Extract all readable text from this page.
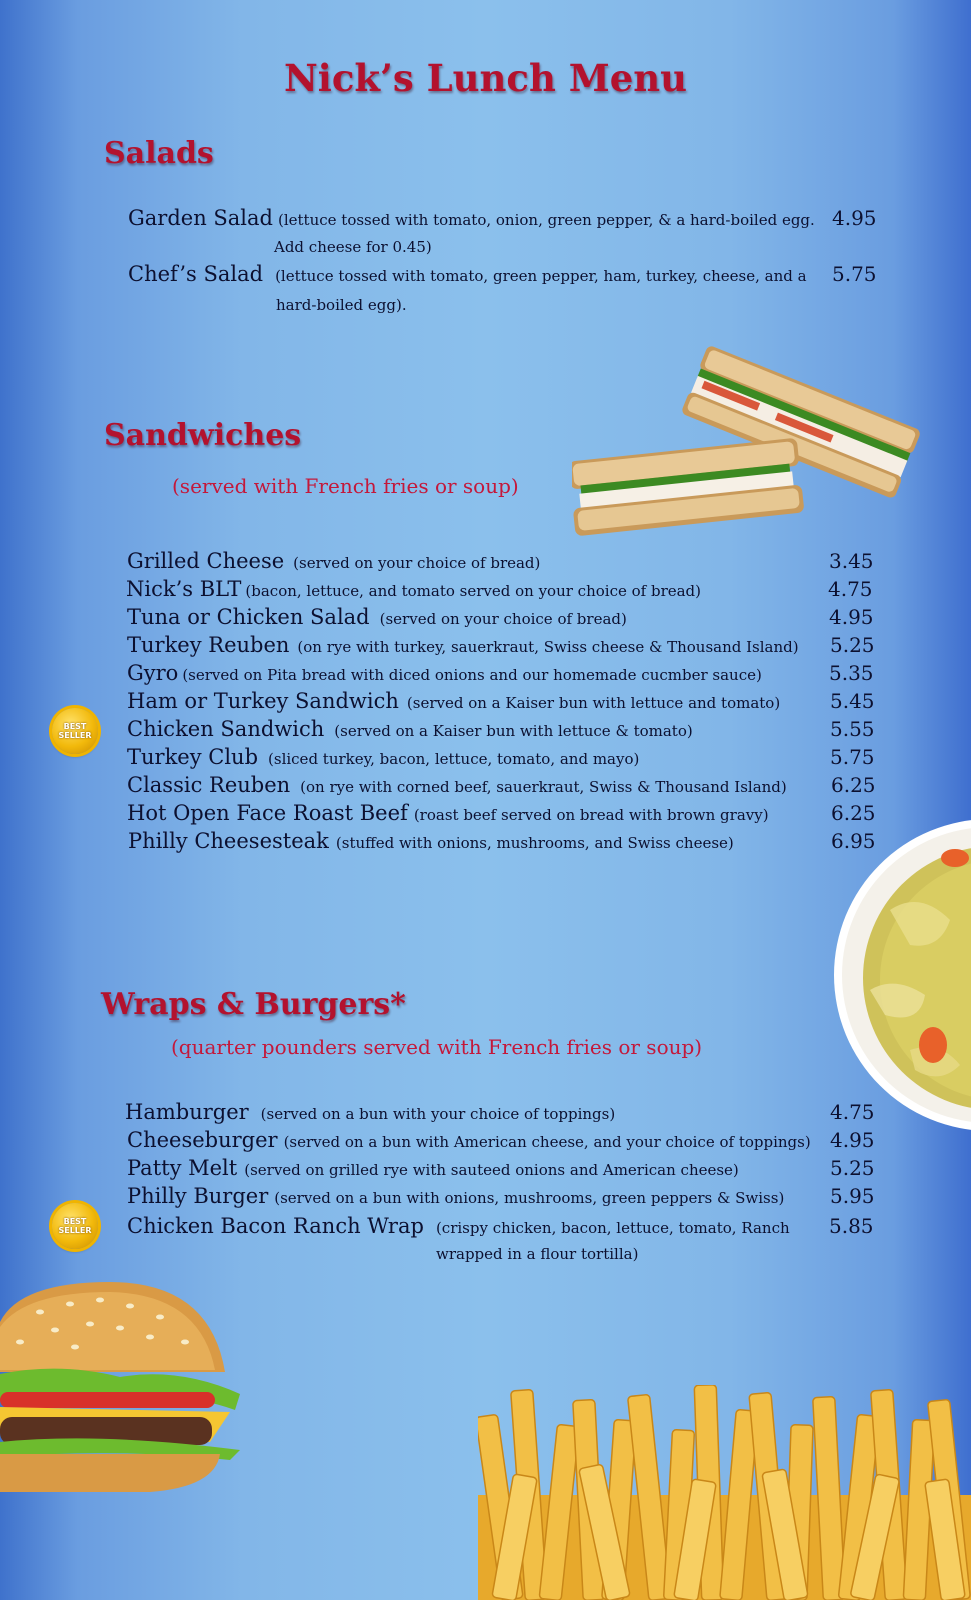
Nick’s Lunch Menu
Salads
Garden Salad (lettuce tossed with tomato, onion, green pepper, & a hard-boiled egg. 4.95
Add cheese for 0.45)
Chef’s Salad (lettuce tossed with tomato, green pepper, ham, turkey, cheese, and a 5.75
hard-boiled egg).
Sandwiches
(served with French fries or soup)
Grilled Cheese (served on your choice of bread)	3.45
Nick’s BLT (bacon, lettuce, and tomato served on your choice of bread)	4.75
Tuna or Chicken Salad (served on your choice of bread)	4.95
Turkey Reuben (on rye with turkey, sauerkraut, Swiss cheese & Thousand Island) 5.25
Gyro (served on Pita bread with diced onions and our homemade cucmber sauce)	5.35
Ham or Turkey Sandwich (served on a Kaiser bun with lettuce and tomato) 5.45
BEST
SELLER Chicken Sandwich (served on a Kaiser bun with lettuce & tomato)	5.55
Turkey Club (sliced turkey, bacon, lettuce, tomato, and mayo)	5.75
Classic Reuben (on rye with corned beef, sauerkraut, Swiss & Thousand Island) 6.25
Hot Open Face Roast Beef (roast beef served on bread with brown gravy)	6.25
Philly Cheesesteak (stuffed with onions, mushrooms, and Swiss cheese)	6.95
Wraps & Burgers*
(quarter pounders served with French fries or soup)
Hamburger (served on a bun with your choice of toppings)	4.75
Cheeseburger (served on a bun with American cheese, and your choice of toppings) 4.95
Patty Melt (served on grilled rye with sauteed onions and American cheese)	5.25
Philly Burger (served on a bun with onions, mushrooms, green peppers & Swiss) 5.95
BEST
SELLER Chicken Bacon Ranch Wrap (crispy chicken, bacon, lettuce, tomato, Ranch 5.85
wrapped in a flour tortilla)
